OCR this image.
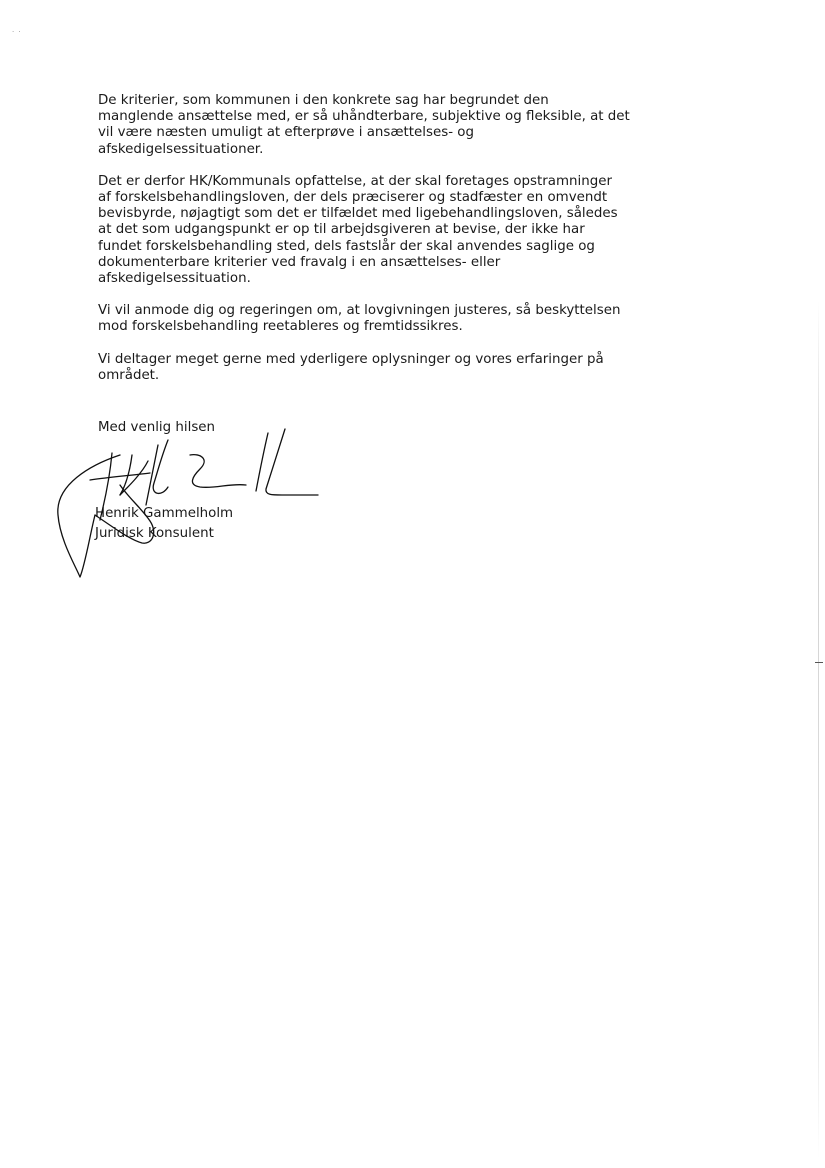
· ·

De kriterier, som kommunen i den konkrete sag har begrundet den
manglende ansættelse med, er så uhåndterbare, subjektive og fleksible, at det
vil være næsten umuligt at efterprøve i ansættelses- og
afskedigelsessituationer.

Det er derfor HK/Kommunals opfattelse, at der skal foretages opstramninger
af forskelsbehandlingsloven, der dels præciserer og stadfæster en omvendt
bevisbyrde, nøjagtigt som det er tilfældet med ligebehandlingsloven, således
at det som udgangspunkt er op til arbejdsgiveren at bevise, der ikke har
fundet forskelsbehandling sted, dels fastslår der skal anvendes saglige og
dokumenterbare kriterier ved fravalg i en ansættelses- eller
afskedigelsessituation.

Vi vil anmode dig og regeringen om, at lovgivningen justeres, så beskyttelsen
mod forskelsbehandling reetableres og fremtidssikres.

Vi deltager meget gerne med yderligere oplysninger og vores erfaringer på
området.

Med venlig hilsen
Henrik Gammelholm
Juridisk Konsulent
